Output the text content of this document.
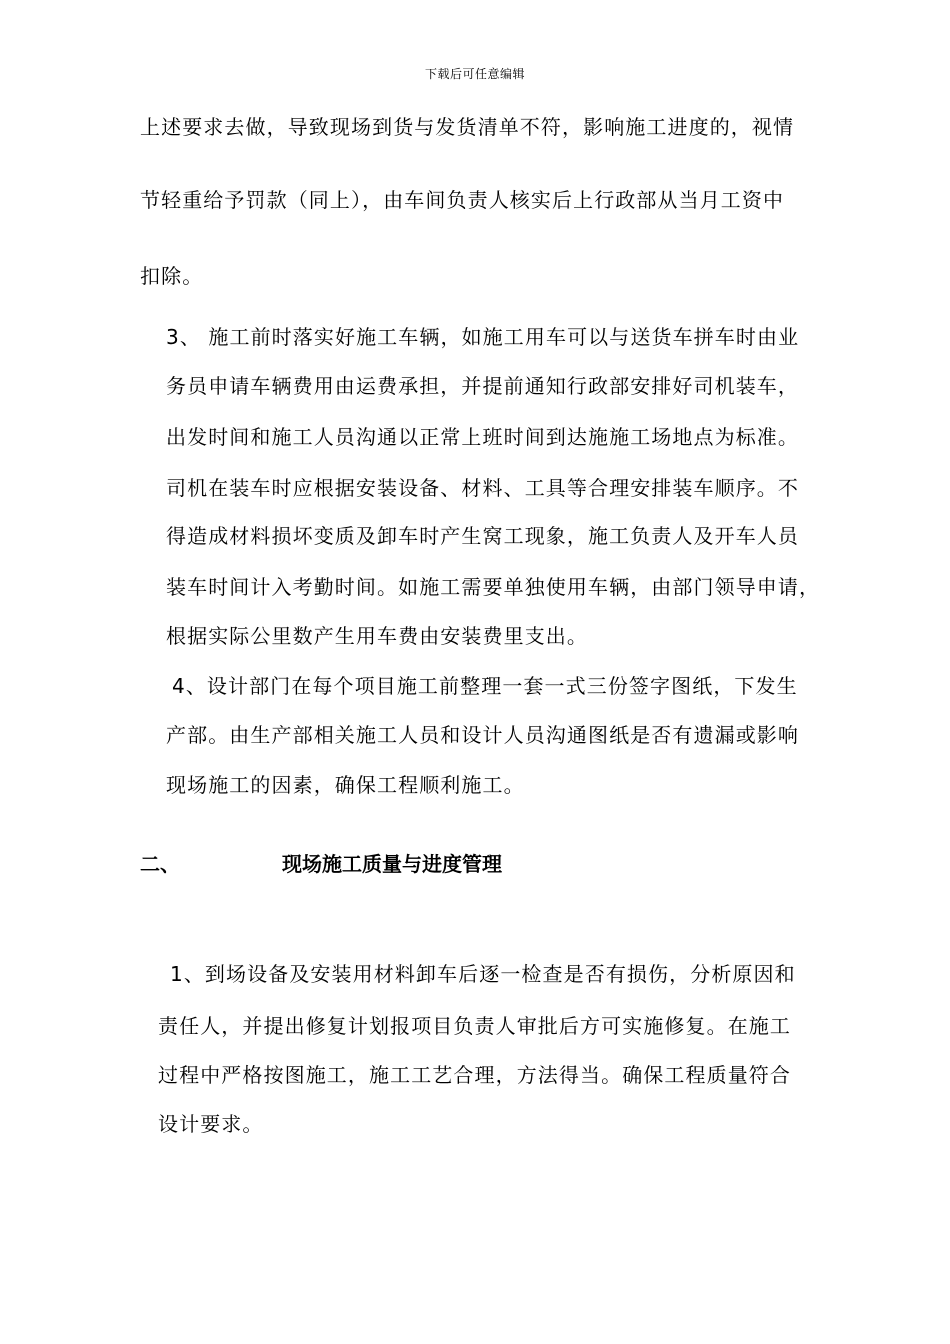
下载后可任意编辑
上述要求去做，导致现场到货与发货清单不符，影响施工进度的，视情
节轻重给予罚款（同上），由车间负责人核实后上行政部从当月工资中
扣除。
3、 施工前时落实好施工车辆，如施工用车可以与送货车拼车时由业
务员申请车辆费用由运费承担，并提前通知行政部安排好司机装车，
出发时间和施工人员沟通以正常上班时间到达施施工场地点为标准。
司机在装车时应根据安装设备、材料、工具等合理安排装车顺序。不
得造成材料损坏变质及卸车时产生窝工现象，施工负责人及开车人员
装车时间计入考勤时间。如施工需要单独使用车辆，由部门领导申请，
根据实际公里数产生用车费由安装费里支出。
4、设计部门在每个项目施工前整理一套一式三份签字图纸，下发生
产部。由生产部相关施工人员和设计人员沟通图纸是否有遗漏或影响
现场施工的因素，确保工程顺利施工。
二、	现场施工质量与进度管理
1、到场设备及安装用材料卸车后逐一检查是否有损伤，分析原因和
责任人，并提出修复计划报项目负责人审批后方可实施修复。在施工
过程中严格按图施工，施工工艺合理，方法得当。确保工程质量符合
设计要求。
